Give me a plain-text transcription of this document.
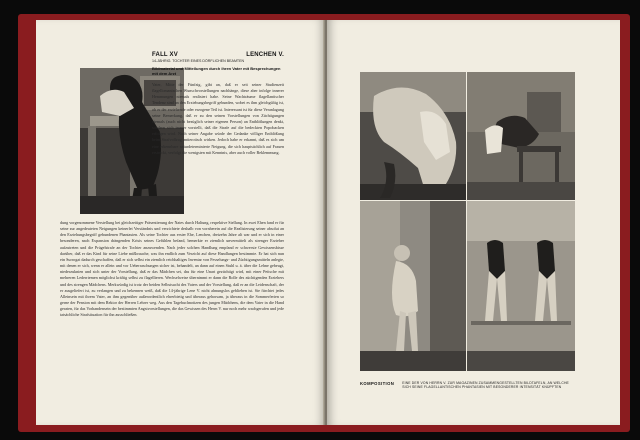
FALL XV	LENCHEN V.
14-JÄHRIG. TOCHTER EINES DÖRFLICHEN BEAMTEN
Bildmaterial und Mitteilungen durch ihren Vater mit Besprechungen mit dem Arzt
Vater, Mitte der Fünfzig, gibt an, daß er seit seiner Studienzeit flagellomanischen Wunschvorstellungen nachhänge, diese aber infolge innerer Hemmungen niemals realisiert habe. Seine Wachträume flagellantischer Tendenz sind an den Erziehungsbegriff gebunden, wobei es ihm gleichgültig ist, ob er der erziehende oder erzogene Teil ist. Interessant ist für diese Veranlagung seine Bemerkung, daß er zu den seinen Vorstellungen von Züchtigungen niemals (auch nicht bezüglich seiner eigenen Person) an Entblößungen denkt, sondern sich immer vorstellt, daß die Strafe auf die bedeckten Popobacken erfolgen wird. Nach seiner Angabe würde der Gedanke völliger Entblößung beim Strafvollzug antierotisch wirken. Jedoch habe er erkannt, daß es sich um eine erkennbare naturdeterminierte Neigung, die sich hauptsächlich auf Frauen erstreckt, verfolgt die wenigsten mit Kenntnis, aber auch voller Beklemmung.
dung vorgenommene Verstellung bei gleichzeitiger Präsentierung der Nates durch Haltung, respektive Stellung. In zwei Ehen fand er für seine zur angedeuteten Neigungen keinerlei Verständnis und verzichtete deshalb von vornherein auf die Realisierung seiner absolut an den Erziehungsbegriff gebundenen Phantasien. Als seine Tochter aus erster Ehe, Lenchen, dreizehn Jahre alt war und er sich in einer besonderen, nach Expansion drängenden Krisis seines Gefühlen befand, bemerkte er ziemlich unvermittelt als strenger Erzieher aufzutreten und die Prügelstrafe an der Tochter anzuwenden. Nach jeder solchen Handlung empfand er schwerste Gewissensbisse darüber, daß er das Kind für seine Liebe mißbrauche, was ihn endlich zum Verzicht auf diese Handlungen bestimmte. Er hat sich nun ein Surrogat dadurch geschaffen, daß er sich selbst ein ziemlich reichhaltiges Inventar von Fesselungs- und Züchtigungsmitteln anlegte, mit denen er sich, wenn er allein und vor Ueberraschungen sicher ist, behandelt, an dann auf einen Stuhl u. ä. über die Lehne gebeugt, niederzuknien und sich unter der Vorstellung, daß er das Mädchen sei, das für eine Unart gezüchtigt wird, mit einer Peitsche mit mehreren Lederriemen möglichst kräftig selbst zu flagellieren. Wechselweise übernimmt er dann die Rolle des züchtigenden Erziehers und des strengen Mädchens. Merkwürdig ist trotz der beiden Selbstsucht des Vaters und der Vorstellung, daß er an die Leidenschaft, der er ausgeliefert ist, zu verlangen und zu bekennen weiß, daß die 14-jährige Lene V. nicht ahnungslos geblieben ist. Sie fürchtet jedes Alleinsein mit ihrem Vater, an ihm gegenüber außerordentlich ehrerbietig und überaus gehorsam, ja überaus in die Sommerferien so gerne der Pension mit dem Rektor der Herren Lehrer weg. Aus den Tagebuchnotizen des jungen Mädchens, die dem Vater in die Hand geraten, für das Vorhandensein der bestimmten Angstvorstellungen, die das Gewissen des Herrn V. nur noch mehr wachgerufen und jede tatsächliche Strafsituation für ihn ausschließen.
KOMPOSITION EINE DER VON HERRN V. ZUR MAGAZINEN ZUSAMMENGESTELLTEN BILDTAFELN, AN WELCHE SICH SEINE FLAGELLANTISCHEN PHANTASIEN MIT BESONDERER INTENSITÄT KNÜPFTEN
